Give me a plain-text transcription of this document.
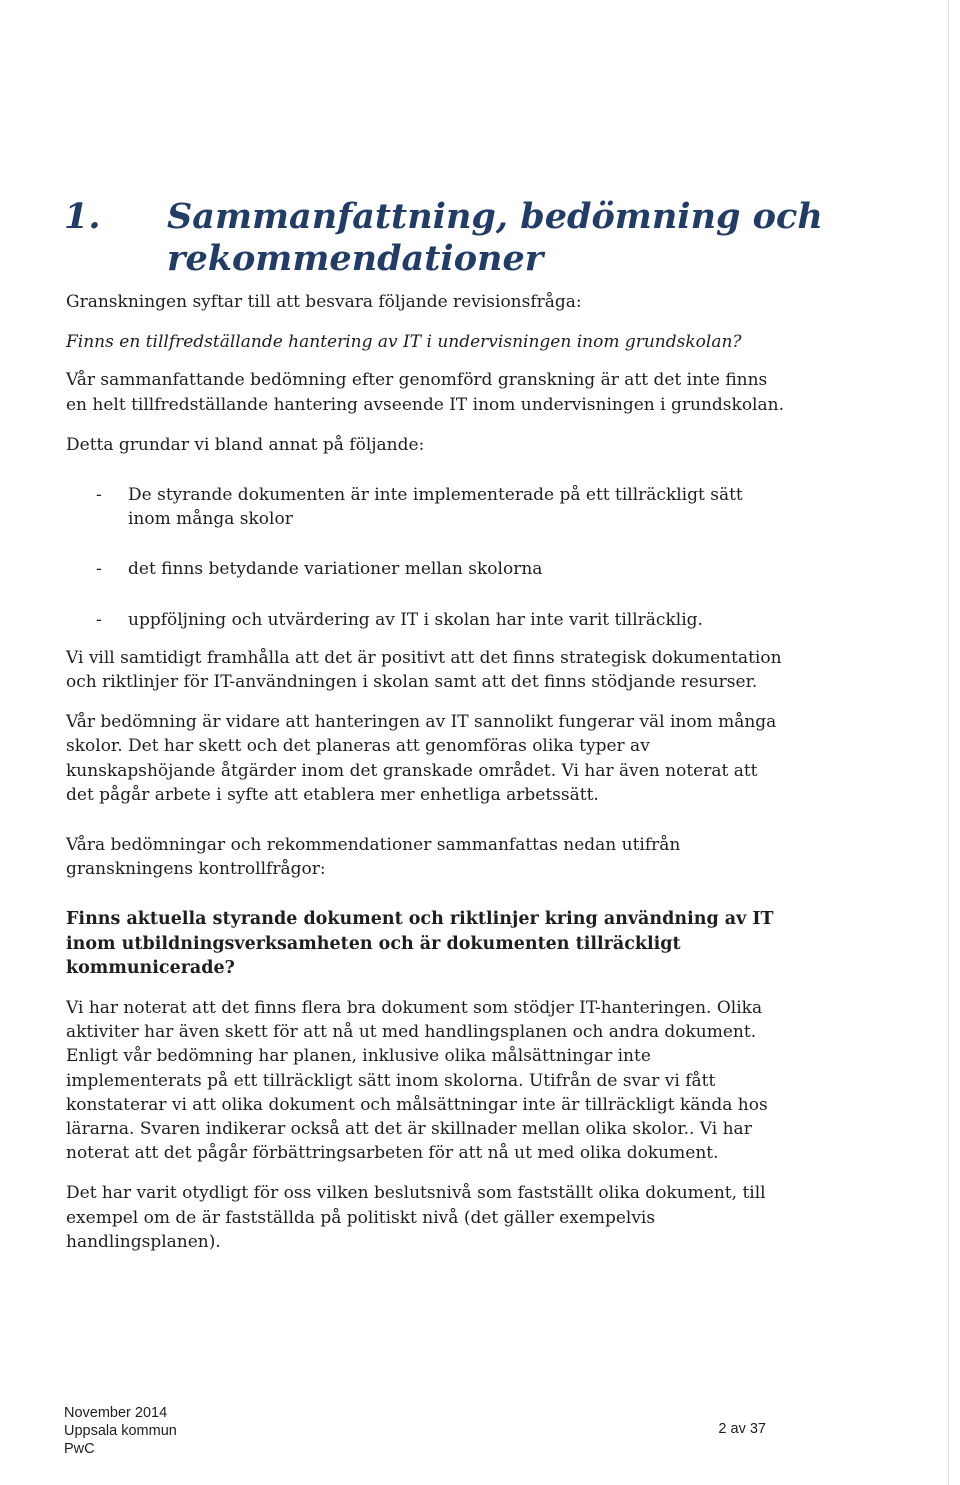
1. Sammanfattning, bedömning och rekommendationer

Granskningen syftar till att besvara följande revisionsfråga:

Finns en tillfredställande hantering av IT i undervisningen inom grundskolan?

Vår sammanfattande bedömning efter genomförd granskning är att det inte finns en helt tillfredställande hantering avseende IT inom undervisningen i grundskolan.

Detta grundar vi bland annat på följande:

- De styrande dokumenten är inte implementerade på ett tillräckligt sätt inom många skolor
- det finns betydande variationer mellan skolorna
- uppföljning och utvärdering av IT i skolan har inte varit tillräcklig.

Vi vill samtidigt framhålla att det är positivt att det finns strategisk dokumentation och riktlinjer för IT-användningen i skolan samt att det finns stödjande resurser.

Vår bedömning är vidare att hanteringen av IT sannolikt fungerar väl inom många skolor. Det har skett och det planeras att genomföras olika typer av kunskapshöjande åtgärder inom det granskade området. Vi har även noterat att det pågår arbete i syfte att etablera mer enhetliga arbetssätt.

Våra bedömningar och rekommendationer sammanfattas nedan utifrån granskningens kontrollfrågor:

Finns aktuella styrande dokument och riktlinjer kring användning av IT inom utbildningsverksamheten och är dokumenten tillräckligt kommunicerade?

Vi har noterat att det finns flera bra dokument som stödjer IT-hanteringen. Olika aktiviter har även skett för att nå ut med handlingsplanen och andra dokument. Enligt vår bedömning har planen, inklusive olika målsättningar inte implementerats på ett tillräckligt sätt inom skolorna. Utifrån de svar vi fått konstaterar vi att olika dokument och målsättningar inte är tillräckligt kända hos lärarna. Svaren indikerar också att det är skillnader mellan olika skolor.. Vi har noterat att det pågår förbättringsarbeten för att nå ut med olika dokument.

Det har varit otydligt för oss vilken beslutsnivå som fastställt olika dokument, till exempel om de är fastställda på politiskt nivå (det gäller exempelvis handlingsplanen).

November 2014
Uppsala kommun
PwC
2 av 37
